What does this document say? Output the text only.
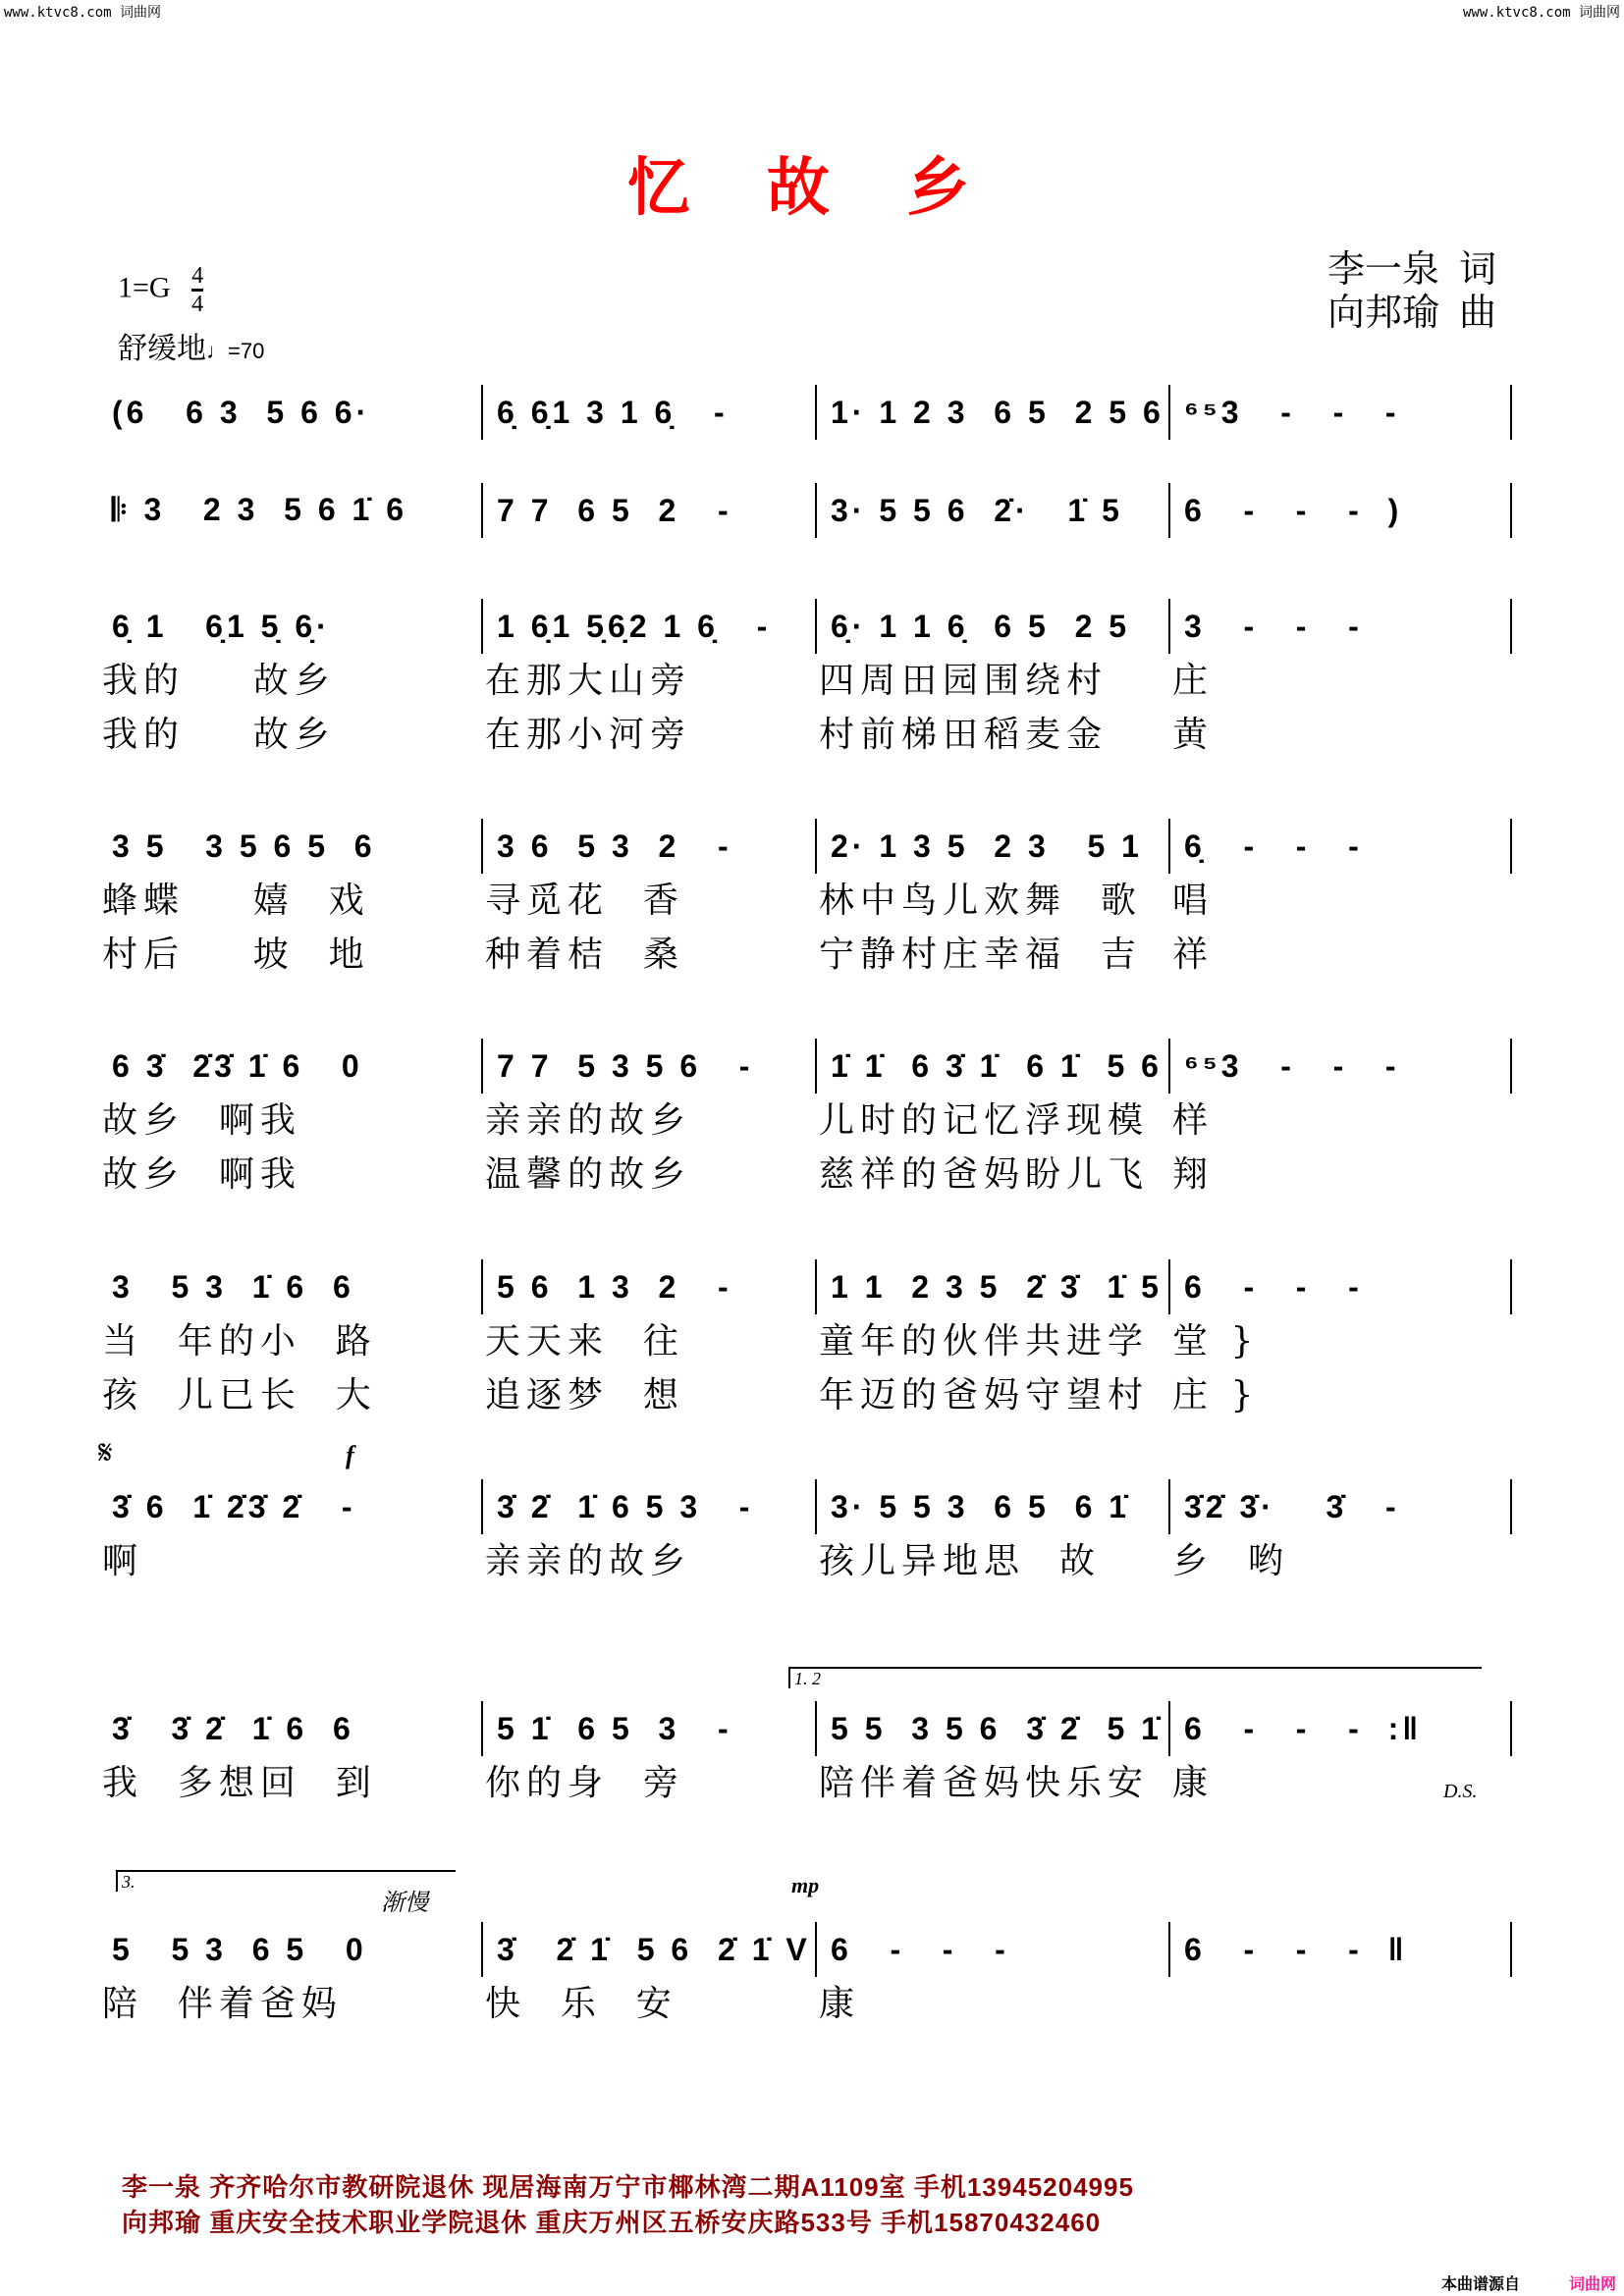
www.ktvc8.com 词曲网	www.ktvc8.com 词曲网
忆 故 乡
$1=G \frac{4}{4}$
舒缓地♩=70
李一泉 词
向邦瑜 曲
(6   6 3  5 6 6·	6̣ 6̣1 3 1 6̣   -	1· 1 2 3  6 5  2 5 6 ⁶⁵3   -   -   -
𝄆 3   2 3  5 6 1̇ 6	7 7  6 5  2   -	3· 5 5 6  2̇·   1̇ 5	6   -   -   -  )
6̣ 1   6̣1 5̣ 6̣·	1 6̣1 5̣6̣2 1 6̣   -	6̣· 1 1 6̣  6 5  2 5	3   -   -   -
我的    故乡	在那大山旁	四周田园围绕村	庄
我的    故乡	在那小河旁	村前梯田稻麦金	黄
3 5   3 5 6 5  6	3 6  5 3  2   -	2· 1 3 5  2 3   5 1	6̣   -   -   -
蜂蝶    嬉  戏	寻觅花  香	林中鸟儿欢舞  歌 唱
村后    坡  地	种着桔  桑	宁静村庄幸福  吉 祥
6 3̇  2̇3̇ 1̇ 6   0	7 7  5 3 5 6   -	1̇ 1̇  6 3̇ 1̇  6 1̇  5 6 ⁶⁵3   -   -   -
故乡  啊我	亲亲的故乡	儿时的记忆浮现模 样
故乡  啊我	温馨的故乡	慈祥的爸妈盼儿飞 翔
3   5 3  1̇ 6  6	5 6  1 3  2   -	1 1  2 3 5  2̇ 3̇  1̇ 5 6   -   -   -
当  年的小  路	天天来  往	童年的伙伴共进学 堂 }
孩  儿已长  大	追逐梦  想	年迈的爸妈守望村 庄 }
3̇ 6  1̇ 2̇3̇ 2̇   -	3̇ 2̇  1̇ 6 5 3   -	3· 5 5 3  6 5  6 1̇	3̇2̇ 3̇·    3̇   -
啊	亲亲的故乡	孩儿异地思  故	乡  哟
3̇   3̇ 2̇  1̇ 6  6	5 1̇  6 5  3   -	5 5  3 5 6  3̇ 2̇  5 1̇ 6   -   -   -  :‖
我  多想回  到	你的身  旁	陪伴着爸妈快乐安 康
5   5 3  6 5   0	3̇   2̇ 1̇  5 6  2̇ 1̇ V 6   -   -   -	6   -   -   -  ‖
陪  伴着爸妈	快  乐  安	康
𝄋	f
1. 2
D.S.
3.
渐慢
mp
李一泉 齐齐哈尔市教研院退休 现居海南万宁市椰林湾二期A1109室 手机13945204995
向邦瑜 重庆安全技术职业学院退休 重庆万州区五桥安庆路533号 手机15870432460
本曲谱源自	词曲网
